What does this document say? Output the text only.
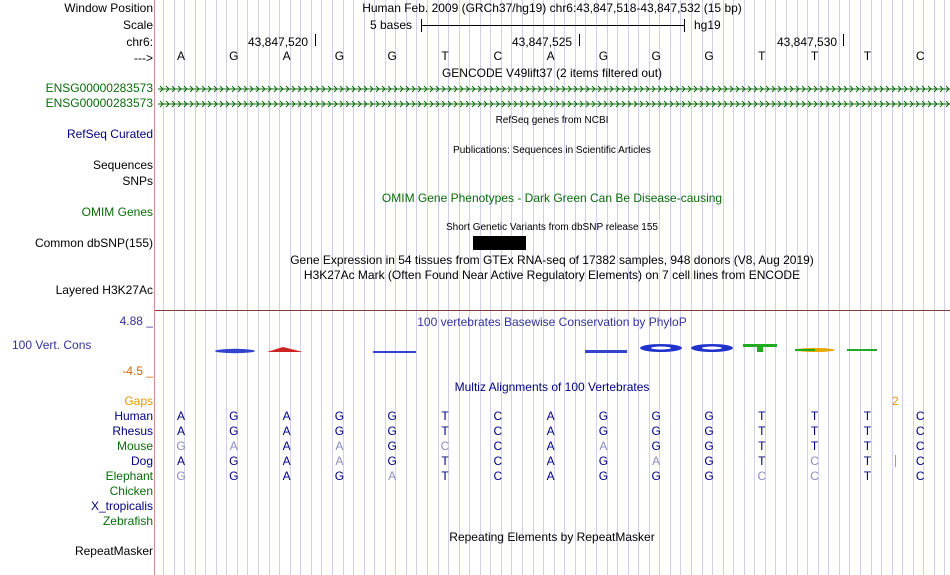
Window Position
Scale
chr6:
--->
Human Feb. 2009 (GRCh37/hg19) chr6:43,847,518-43,847,532 (15 bp)
5 bases	hg19
43,847,520	43,847,525	43,847,530
A	G	A	G	G	T	C	A	G	G	G	T	T	T	C
GENCODE V49lift37 (2 items filtered out)
ENSG00000283573
ENSG00000283573
RefSeq genes from NCBI
RefSeq Curated
Publications: Sequences in Scientific Articles
Sequences
SNPs
OMIM Gene Phenotypes - Dark Green Can Be Disease-causing
OMIM Genes
Short Genetic Variants from dbSNP release 155
Common dbSNP(155)
Gene Expression in 54 tissues from GTEx RNA-seq of 17382 samples, 948 donors (V8, Aug 2019)
H3K27Ac Mark (Often Found Near Active Regulatory Elements) on 7 cell lines from ENCODE
Layered H3K27Ac
4.88 _	100 vertebrates Basewise Conservation by PhyloP
100 Vert. Cons
-4.5 _
Multiz Alignments of 100 Vertebrates
Gaps	2
Human	A	G	A	G	G	T	C	A	G	G	G	T	T	T	C
Rhesus	A	G	A	G	G	T	C	A	G	G	G	T	T	T	C
Mouse	G	A	A	A	G	C	C	A	A	G	G	T	T	T	C
Dog	A	G	A	A	G	T	C	A	G	A	G	T	C	T	C
Elephant	G	G	A	G	A	T	C	A	G	G	G	C	C	T	C
Chicken
X_tropicalis
Zebrafish
Repeating Elements by RepeatMasker
RepeatMasker
